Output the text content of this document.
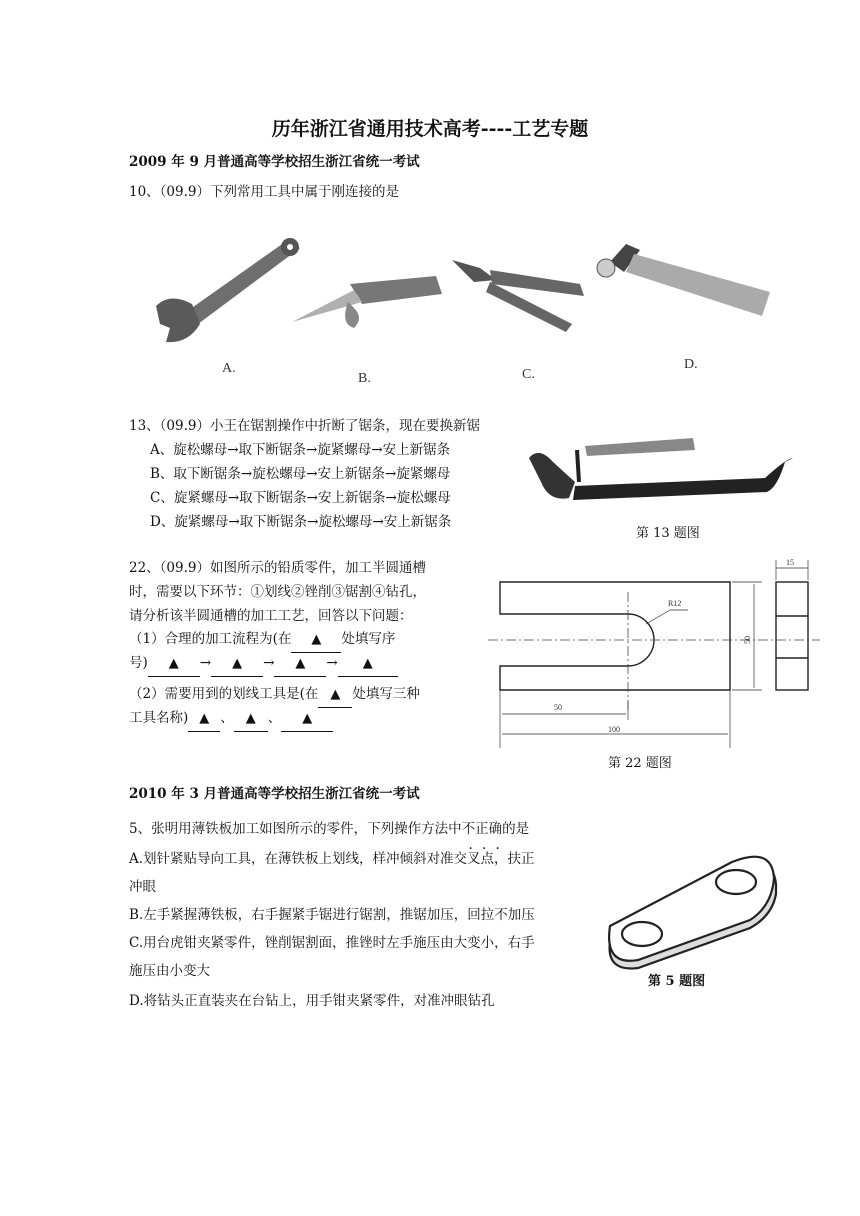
历年浙江省通用技术高考----工艺专题
2009 年 9 月普通高等学校招生浙江省统一考试
10、（09.9）下列常用工具中属于刚连接的是
A.
B.	C.
D.
13、（09.9）小王在锯割操作中折断了锯条，现在要换新锯
A、旋松螺母→取下断锯条→旋紧螺母→安上新锯条
B、取下断锯条→旋松螺母→安上新锯条→旋紧螺母
C、旋紧螺母→取下断锯条→安上新锯条→旋松螺母
D、旋紧螺母→取下断锯条→旋松螺母→安上新锯条
第 13 题图
22、（09.9）如图所示的铅质零件，加工半圆通槽
时，需要以下环节：①划线②锉削③锯割④钻孔，
请分析该半圆通槽的加工工艺，回答以下问题：
（1）合理的加工流程为(在 ▲ 处填写序
号) ▲ → ▲ → ▲ → ▲
（2）需要用到的划线工具是(在 ▲ 处填写三种
工具名称) ▲ 、 ▲ 、 ▲
50
100
50
15
R12
第 22 题图
2010 年 3 月普通高等学校招生浙江省统一考试
5、张明用薄铁板加工如图所示的零件，下列操作方法中不正确的是
A.划针紧贴导向工具，在薄铁板上划线，样冲倾斜对准交叉点，扶正
冲眼
B.左手紧握薄铁板，右手握紧手锯进行锯割，推锯加压，回拉不加压
C.用台虎钳夹紧零件，锉削锯割面，推锉时左手施压由大变小，右手
施压由小变大
D.将钻头正直装夹在台钻上，用手钳夹紧零件，对准冲眼钻孔
第 5 题图
